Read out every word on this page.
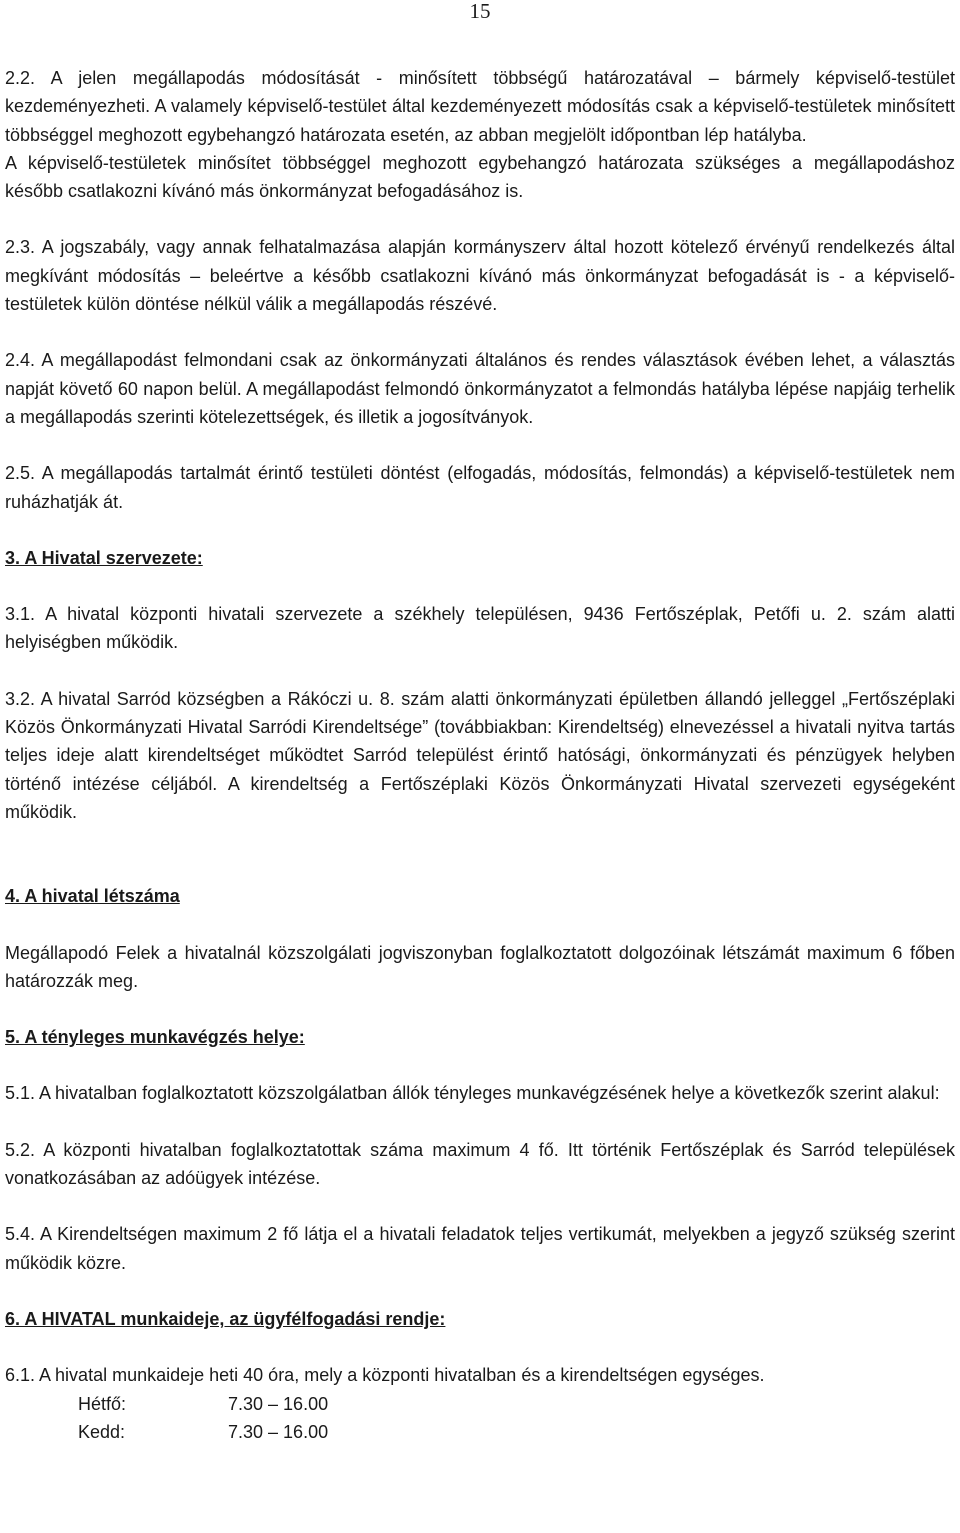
15

2.2. A jelen megállapodás módosítását - minősített többségű határozatával – bármely képviselő-testület kezdeményezheti. A valamely képviselő-testület által kezdeményezett módosítás csak a képviselő-testületek minősített többséggel meghozott egybehangzó határozata esetén, az abban megjelölt időpontban lép hatályba.

A képviselő-testületek minősítet többséggel meghozott egybehangzó határozata szükséges a megállapodáshoz később csatlakozni kívánó más önkormányzat befogadásához is.

2.3. A jogszabály, vagy annak felhatalmazása alapján kormányszerv által hozott kötelező érvényű rendelkezés által megkívánt módosítás – beleértve a később csatlakozni kívánó más önkormányzat befogadását is - a képviselő-testületek külön döntése nélkül válik a megállapodás részévé.

2.4. A megállapodást felmondani csak az önkormányzati általános és rendes választások évében lehet, a választás napját követő 60 napon belül. A megállapodást felmondó önkormányzatot a felmondás hatályba lépése napjáig terhelik a megállapodás szerinti kötelezettségek, és illetik a jogosítványok.

2.5. A megállapodás tartalmát érintő testületi döntést (elfogadás, módosítás, felmondás) a képviselő-testületek nem ruházhatják át.

3. A Hivatal szervezete:

3.1. A hivatal központi hivatali szervezete a székhely településen, 9436 Fertőszéplak, Petőfi u. 2. szám alatti helyiségben működik.

3.2. A hivatal Sarród községben a Rákóczi u. 8. szám alatti önkormányzati épületben állandó jelleggel „Fertőszéplaki Közös Önkormányzati Hivatal Sarródi Kirendeltsége” (továbbiakban: Kirendeltség) elnevezéssel a hivatali nyitva tartás teljes ideje alatt kirendeltséget működtet Sarród települést érintő hatósági, önkormányzati és pénzügyek helyben történő intézése céljából. A kirendeltség a Fertőszéplaki Közös Önkormányzati Hivatal szervezeti egységeként működik.

4. A hivatal létszáma

Megállapodó Felek a hivatalnál közszolgálati jogviszonyban foglalkoztatott dolgozóinak létszámát maximum 6 főben határozzák meg.

5. A tényleges munkavégzés helye:

5.1. A hivatalban foglalkoztatott közszolgálatban állók tényleges munkavégzésének helye a következők szerint alakul:

5.2. A központi hivatalban foglalkoztatottak száma maximum 4 fő. Itt történik Fertőszéplak és Sarród települések vonatkozásában az adóügyek intézése.

5.4. A Kirendeltségen maximum 2 fő látja el a hivatali feladatok teljes vertikumát, melyekben a jegyző szükség szerint működik közre.

6. A HIVATAL munkaideje, az ügyfélfogadási rendje:

6.1. A hivatal munkaideje heti 40 óra, mely a központi hivatalban és a kirendeltségen egységes.

Hétfő:	7.30 – 16.00
Kedd:	7.30 – 16.00
